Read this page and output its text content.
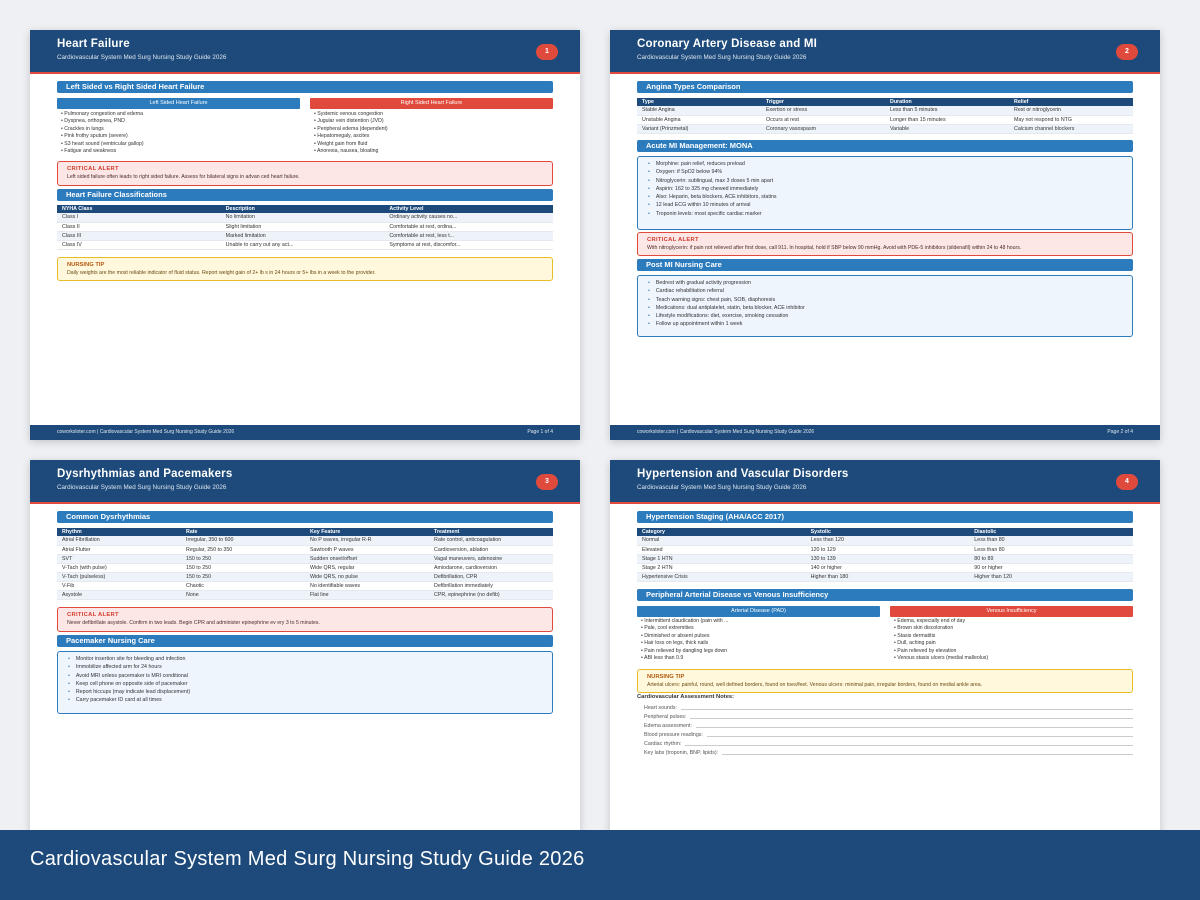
Heart Failure
Cardiovascular System Med Surg Nursing Study Guide 2026
1
Left Sided vs Right Sided Heart Failure
Left Sided Heart Failure	Right Sided Heart Failure
• Pulmonary congestion and edema
• Dyspnea, orthopnea, PND
• Crackles in lungs
• Pink frothy sputum (severe)
• S3 heart sound (ventricular gallop)
• Fatigue and weakness
• Systemic venous congestion
• Jugular vein distention (JVD)
• Peripheral edema (dependent)
• Hepatomegaly, ascites
• Weight gain from fluid
• Anorexia, nausea, bloating
CRITICAL ALERT
Left sided failure often leads to right sided failure. Assess for bilateral signs in advan ced heart failure.
Heart Failure Classifications
NYHA Class	Description	Activity Level
Class I	No limitation	Ordinary activity causes no...
Class II	Slight limitation	Comfortable at rest, ordina...
Class III	Marked limitation	Comfortable at rest, less t...
Class IV	Unable to carry out any act...	Symptoms at rest, discomfor...
NURSING TIP
Daily weights are the most reliable indicator of fluid status. Report weight gain of 2+ lb s in 24 hours or 5+ lbs in a week to the provider.
coworksloter.com | Cardiovascular System Med Surg Nursing Study Guide 2026	Page 1 of 4
Coronary Artery Disease and MI
Cardiovascular System Med Surg Nursing Study Guide 2026
2
Angina Types Comparison
Type	Trigger	Duration	Relief
Stable Angina	Exertion or stress	Less than 5 minutes	Rest or nitroglycerin
Unstable Angina	Occurs at rest	Longer than 15 minutes	May not respond to NTG
Variant (Prinzmetal)	Coronary vasospasm	Variable	Calcium channel blockers
Acute MI Management: MONA
• Morphine: pain relief, reduces preload
• Oxygen: if SpO2 below 94%
• Nitroglycerin: sublingual, max 3 doses 5 min apart
• Aspirin: 162 to 325 mg chewed immediately
• Also: Heparin, beta blockers, ACE inhibitors, statins
• 12 lead ECG within 10 minutes of arrival
• Troponin levels: most specific cardiac marker
CRITICAL ALERT
With nitroglycerin: if pain not relieved after first dose, call 911. In hospital, hold if SBP below 90 mmHg. Avoid with PDE-5 inhibitors (sildenafil) within 24 to 48 hours.
Post MI Nursing Care
• Bedrest with gradual activity progression
• Cardiac rehabilitation referral
• Teach warning signs: chest pain, SOB, diaphoresis
• Medications: dual antiplatelet, statin, beta blocker, ACE inhibitor
• Lifestyle modifications: diet, exercise, smoking cessation
• Follow up appointment within 1 week
coworksloter.com | Cardiovascular System Med Surg Nursing Study Guide 2026	Page 2 of 4
Dysrhythmias and Pacemakers
Cardiovascular System Med Surg Nursing Study Guide 2026
3
Common Dysrhythmias
Rhythm	Rate	Key Feature	Treatment
Atrial Fibrillation	Irregular, 350 to 600	No P waves, irregular R-R	Rate control, anticoagulation
Atrial Flutter	Regular, 250 to 350	Sawtooth P waves	Cardioversion, ablation
SVT	150 to 250	Sudden onset/offset	Vagal maneuvers, adenosine
V-Tach (with pulse)	150 to 250	Wide QRS, regular	Amiodarone, cardioversion
V-Tach (pulseless)	150 to 250	Wide QRS, no pulse	Defibrillation, CPR
V-Fib	Chaotic	No identifiable waves	Defibrillation immediately
Asystole	None	Flat line	CPR, epinephrine (no defib)
CRITICAL ALERT
Never defibrillate asystole. Confirm in two leads. Begin CPR and administer epinephrine ev ery 3 to 5 minutes.
Pacemaker Nursing Care
• Monitor insertion site for bleeding and infection
• Immobilize affected arm for 24 hours
• Avoid MRI unless pacemaker is MRI conditional
• Keep cell phone on opposite side of pacemaker
• Report hiccups (may indicate lead displacement)
• Carry pacemaker ID card at all times
Hypertension and Vascular Disorders
Cardiovascular System Med Surg Nursing Study Guide 2026
4
Hypertension Staging (AHA/ACC 2017)
Category	Systolic	Diastolic
Normal	Less than 120	Less than 80
Elevated	120 to 129	Less than 80
Stage 1 HTN	130 to 139	80 to 89
Stage 2 HTN	140 or higher	90 or higher
Hypertensive Crisis	Higher than 180	Higher than 120
Peripheral Arterial Disease vs Venous Insufficiency
Arterial Disease (PAD)	Venous Insufficiency
• Intermittent claudication (pain with ...
• Pale, cool extremities
• Diminished or absent pulses
• Hair loss on legs, thick nails
• Pain relieved by dangling legs down
• ABI less than 0.9
• Edema, especially end of day
• Brown skin discoloration
• Stasis dermatitis
• Dull, aching pain
• Pain relieved by elevation
• Venous stasis ulcers (medial malleolus)
NURSING TIP
Arterial ulcers: painful, round, well defined borders, found on toes/feet. Venous ulcers: minimal pain, irregular borders, found on medial ankle area.
Cardiovascular Assessment Notes:
Heart sounds:
Peripheral pulses:
Edema assessment:
Blood pressure readings:
Cardiac rhythm:
Key labs (troponin, BNP, lipids):
Cardiovascular System Med Surg Nursing Study Guide 2026
